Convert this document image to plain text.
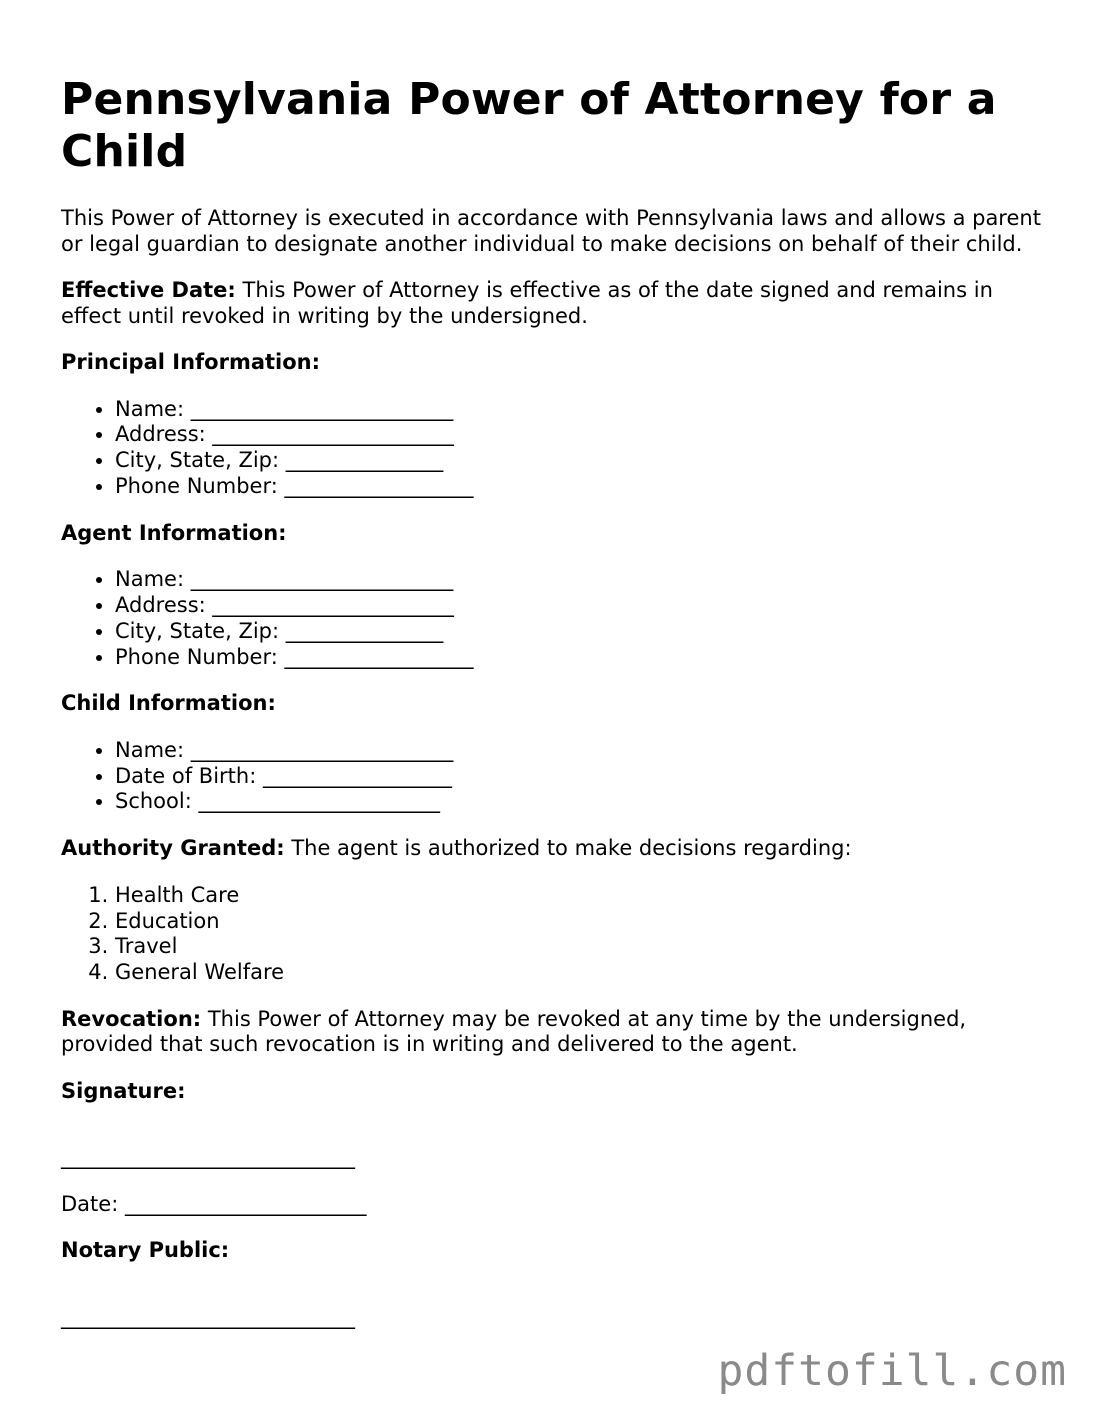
Pennsylvania Power of Attorney for a Child

This Power of Attorney is executed in accordance with Pennsylvania laws and allows a parent or legal guardian to designate another individual to make decisions on behalf of their child.

Effective Date: This Power of Attorney is effective as of the date signed and remains in effect until revoked in writing by the undersigned.

Principal Information:

• Name: _________________________
• Address: _______________________
• City, State, Zip: _______________
• Phone Number: __________________

Agent Information:

• Name: _________________________
• Address: _______________________
• City, State, Zip: _______________
• Phone Number: __________________

Child Information:

• Name: _________________________
• Date of Birth: __________________
• School: _______________________

Authority Granted: The agent is authorized to make decisions regarding:

1. Health Care
2. Education
3. Travel
4. General Welfare

Revocation: This Power of Attorney may be revoked at any time by the undersigned, provided that such revocation is in writing and delivered to the agent.

Signature:

____________________________
Date: _______________________

Notary Public:

____________________________
pdftofill.com
